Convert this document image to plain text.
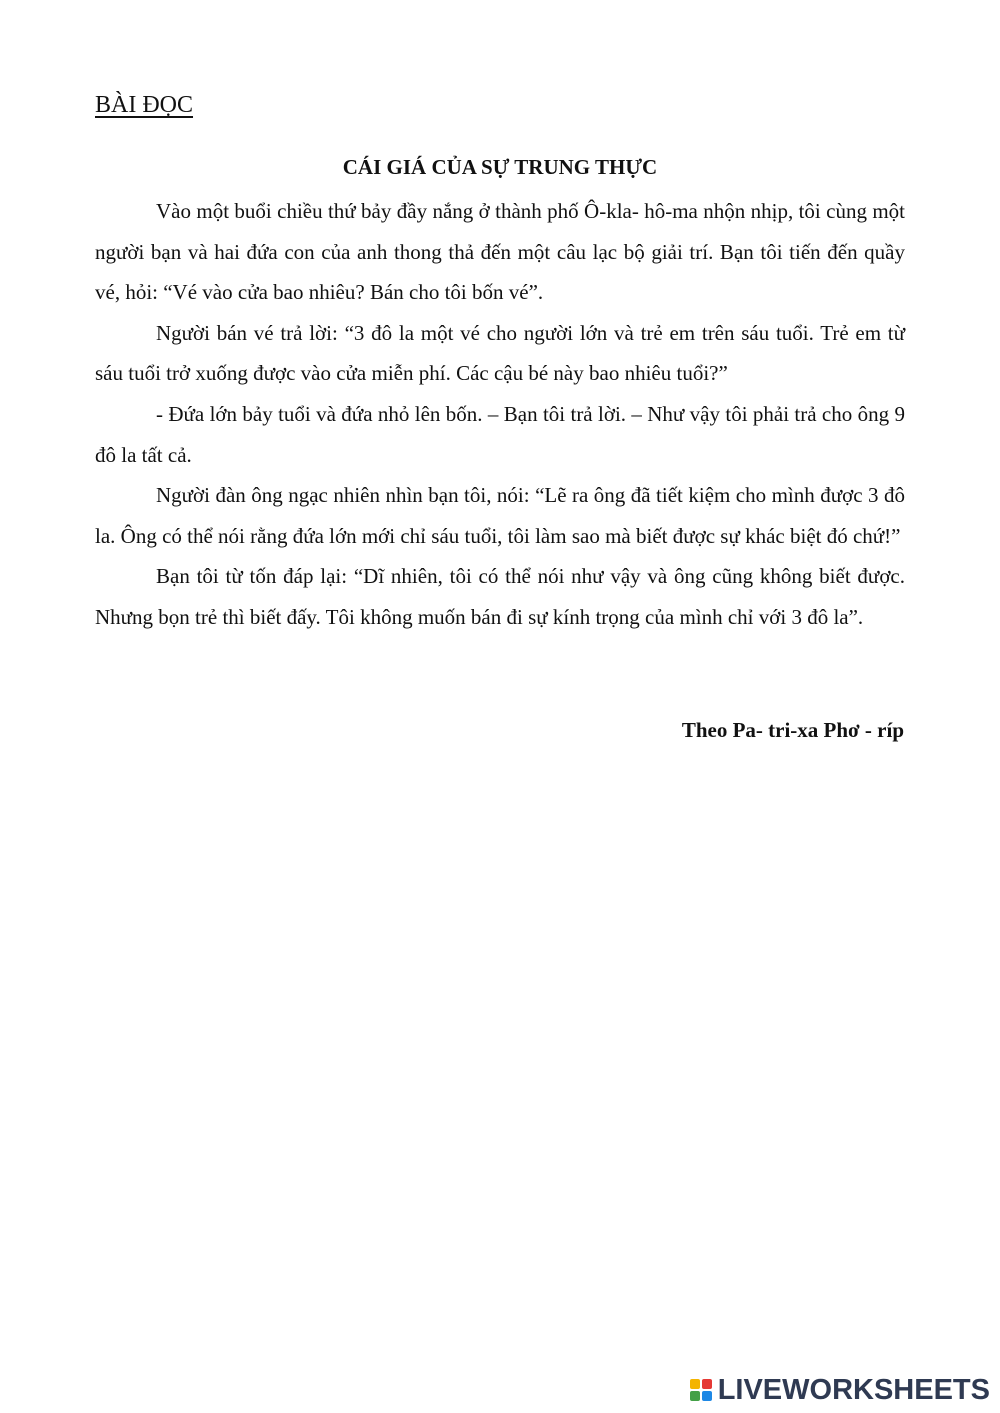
BÀI ĐỌC
CÁI GIÁ CỦA SỰ TRUNG THỰC

Vào một buổi chiều thứ bảy đầy nắng ở thành phố Ô-kla- hô-ma nhộn nhịp, tôi cùng một người bạn và hai đứa con của anh thong thả đến một câu lạc bộ giải trí. Bạn tôi tiến đến quầy vé, hỏi: “Vé vào cửa bao nhiêu? Bán cho tôi bốn vé”.

Người bán vé trả lời: “3 đô la một vé cho người lớn và trẻ em trên sáu tuổi. Trẻ em từ sáu tuổi trở xuống được vào cửa miễn phí. Các cậu bé này bao nhiêu tuổi?”

- Đứa lớn bảy tuổi và đứa nhỏ lên bốn. – Bạn tôi trả lời. – Như vậy tôi phải trả cho ông 9 đô la tất cả.

Người đàn ông ngạc nhiên nhìn bạn tôi, nói: “Lẽ ra ông đã tiết kiệm cho mình được 3 đô la. Ông có thể nói rằng đứa lớn mới chỉ sáu tuổi, tôi làm sao mà biết được sự khác biệt đó chứ!”

Bạn tôi từ tốn đáp lại: “Dĩ nhiên, tôi có thể nói như vậy và ông cũng không biết được. Nhưng bọn trẻ thì biết đấy. Tôi không muốn bán đi sự kính trọng của mình chỉ với 3 đô la”.

Theo Pa- tri-xa Phơ - ríp

LIVEWORKSHEETS
